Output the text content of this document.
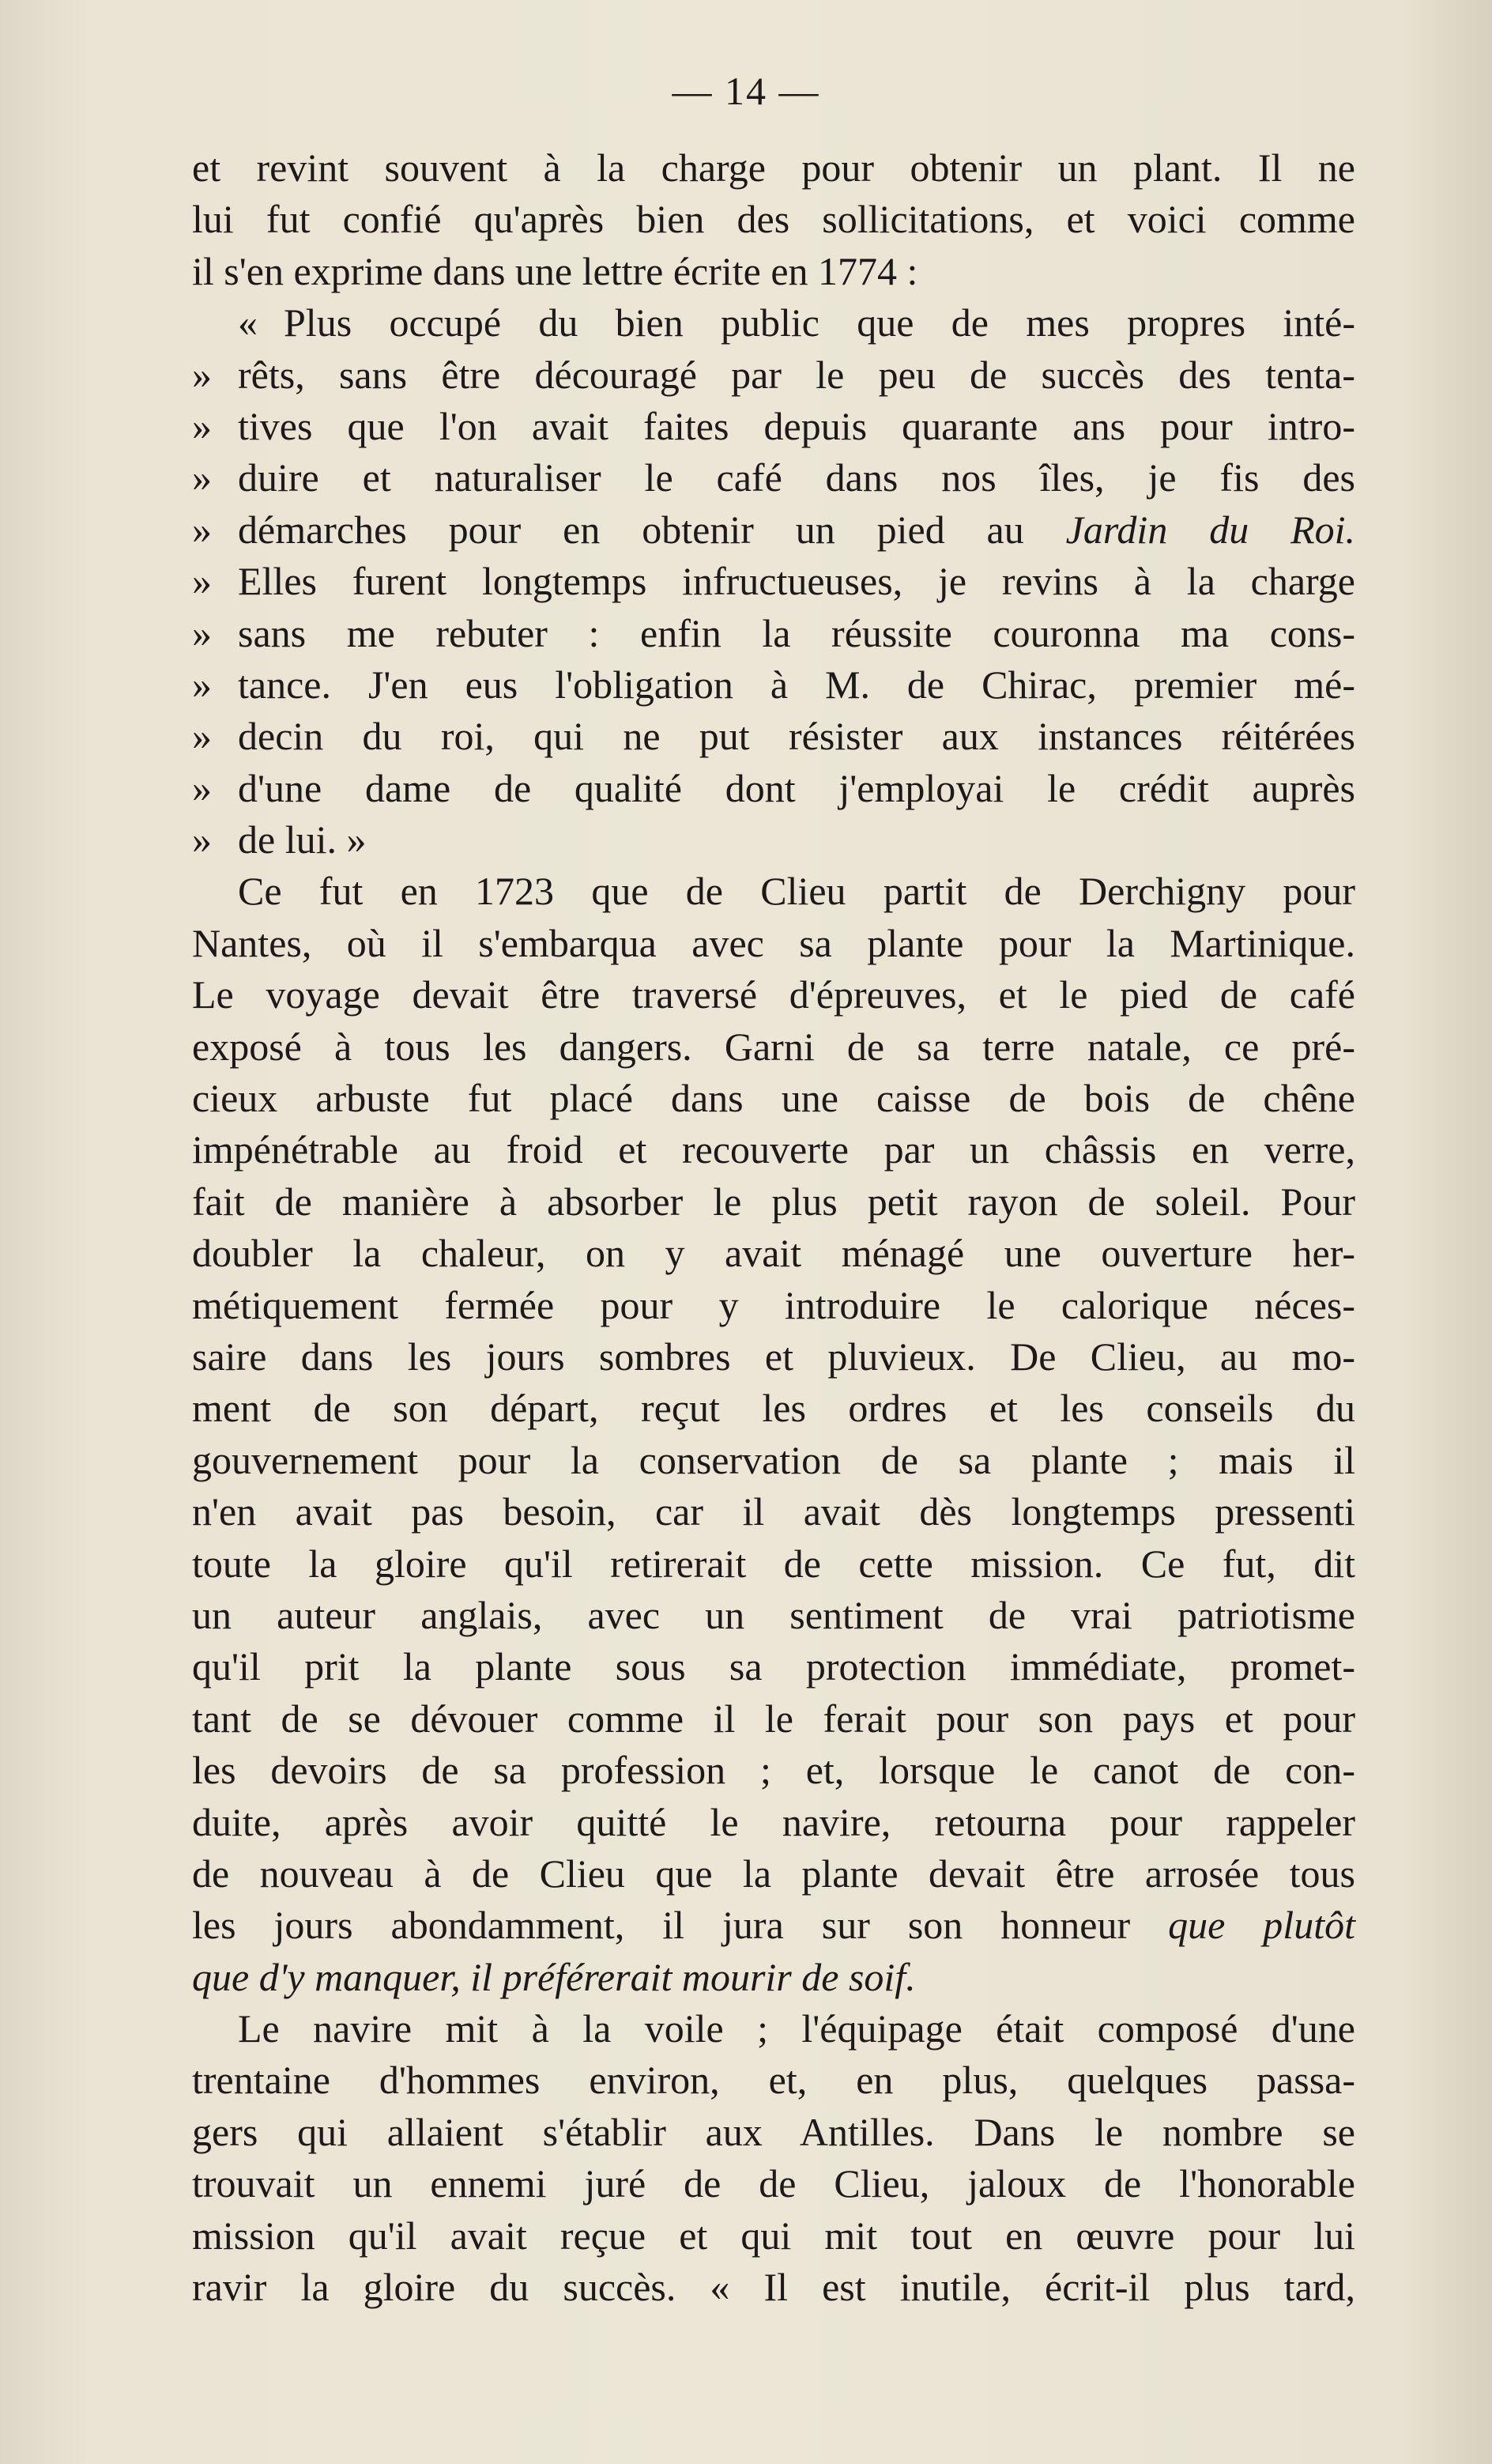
— 14 —
et revint souvent à la charge pour obtenir un plant. Il ne
lui fut confié qu'après bien des sollicitations, et voici comme
il s'en exprime dans une lettre écrite en 1774 :
« Plus occupé du bien public que de mes propres inté-
» rêts, sans être découragé par le peu de succès des tenta-
» tives que l'on avait faites depuis quarante ans pour intro-
» duire et naturaliser le café dans nos îles, je fis des
» démarches pour en obtenir un pied au Jardin du Roi.
» Elles furent longtemps infructueuses, je revins à la charge
» sans me rebuter : enfin la réussite couronna ma cons-
» tance. J'en eus l'obligation à M. de Chirac, premier mé-
» decin du roi, qui ne put résister aux instances réitérées
» d'une dame de qualité dont j'employai le crédit auprès
» de lui. »
Ce fut en 1723 que de Clieu partit de Derchigny pour
Nantes, où il s'embarqua avec sa plante pour la Martinique.
Le voyage devait être traversé d'épreuves, et le pied de café
exposé à tous les dangers. Garni de sa terre natale, ce pré-
cieux arbuste fut placé dans une caisse de bois de chêne
impénétrable au froid et recouverte par un châssis en verre,
fait de manière à absorber le plus petit rayon de soleil. Pour
doubler la chaleur, on y avait ménagé une ouverture her-
métiquement fermée pour y introduire le calorique néces-
saire dans les jours sombres et pluvieux. De Clieu, au mo-
ment de son départ, reçut les ordres et les conseils du
gouvernement pour la conservation de sa plante ; mais il
n'en avait pas besoin, car il avait dès longtemps pressenti
toute la gloire qu'il retirerait de cette mission. Ce fut, dit
un auteur anglais, avec un sentiment de vrai patriotisme
qu'il prit la plante sous sa protection immédiate, promet-
tant de se dévouer comme il le ferait pour son pays et pour
les devoirs de sa profession ; et, lorsque le canot de con-
duite, après avoir quitté le navire, retourna pour rappeler
de nouveau à de Clieu que la plante devait être arrosée tous
les jours abondamment, il jura sur son honneur que plutôt
que d'y manquer, il préférerait mourir de soif.
Le navire mit à la voile ; l'équipage était composé d'une
trentaine d'hommes environ, et, en plus, quelques passa-
gers qui allaient s'établir aux Antilles. Dans le nombre se
trouvait un ennemi juré de de Clieu, jaloux de l'honorable
mission qu'il avait reçue et qui mit tout en œuvre pour lui
ravir la gloire du succès. « Il est inutile, écrit-il plus tard,
